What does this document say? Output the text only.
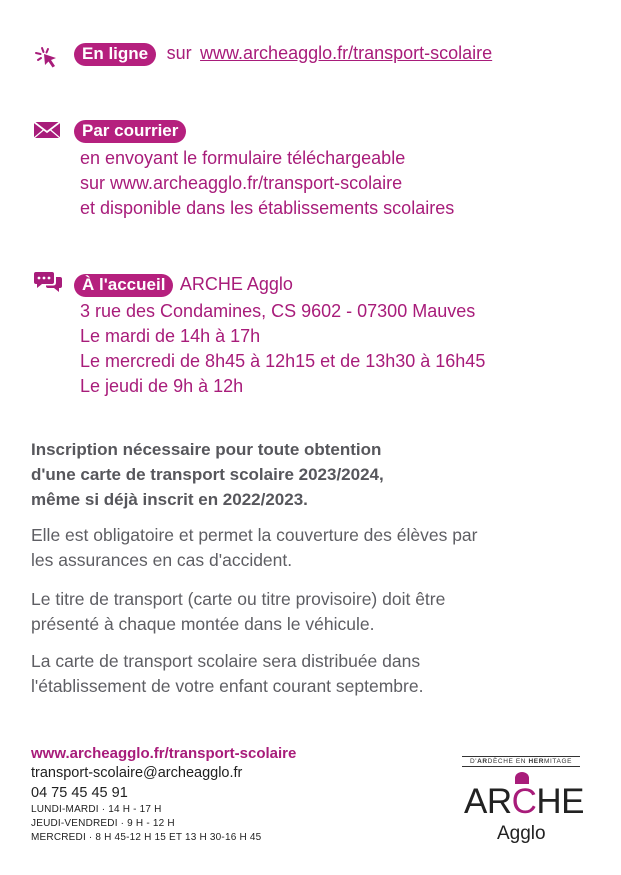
En ligne sur www.archeagglo.fr/transport-scolaire
Par courrier
en envoyant le formulaire téléchargeable
sur www.archeagglo.fr/transport-scolaire
et disponible dans les établissements scolaires
À l'accueil ARCHE Agglo
3 rue des Condamines, CS 9602 - 07300 Mauves
Le mardi de 14h à 17h
Le mercredi de 8h45 à 12h15 et de 13h30 à 16h45
Le jeudi de 9h à 12h
Inscription nécessaire pour toute obtention
d'une carte de transport scolaire 2023/2024,
même si déjà inscrit en 2022/2023.
Elle est obligatoire et permet la couverture des élèves par
les assurances en cas d'accident.
Le titre de transport (carte ou titre provisoire) doit être
présenté à chaque montée dans le véhicule.
La carte de transport scolaire sera distribuée dans
l'établissement de votre enfant courant septembre.
www.archeagglo.fr/transport-scolaire
transport-scolaire@archeagglo.fr
04 75 45 45 91
LUNDI-MARDI · 14 H - 17 H
JEUDI-VENDREDI · 9 H - 12 H
MERCREDI · 8 H 45-12 H 15 ET 13 H 30-16 H 45
D'ARDÈCHE EN HERMITAGE
ARCHE
Agglo
